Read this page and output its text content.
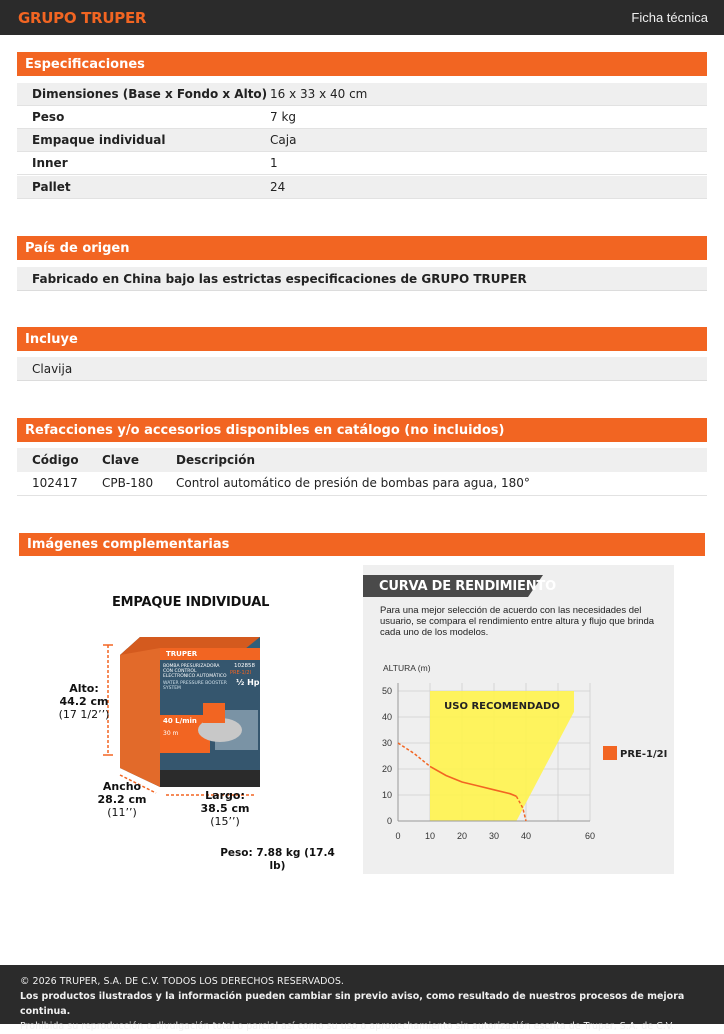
GRUPO TRUPER	Ficha técnica
Especificaciones
Dimensiones (Base x Fondo x Alto) 16 x 33 x 40 cm
Peso	7 kg
Empaque individual	Caja
Inner	1
Pallet	24
País de origen
Fabricado en China bajo las estrictas especificaciones de GRUPO TRUPER
Incluye
Clavija
Refacciones y/o accesorios disponibles en catálogo (no incluidos)
Código Clave	Descripción
102417 CPB-180 Control automático de presión de bombas para agua, 180°
Imágenes complementarias
EMPAQUE INDIVIDUAL
TRUPER
102858
PRE-1/2I
BOMBA PRESURIZADORA CON CONTROL ELECTRÓNICO AUTOMÁTICO
WATER PRESSURE BOOSTER SYSTEM
½ Hp
40 L/min
30 m
Alto:
44.2 cm
(17 1/2’’)
Ancho
28.2 cm
(11’’)
Largo:
38.5 cm
(15’’)
Peso: 7.88 kg (17.4 lb)
CURVA DE RENDIMIENTO
Para una mejor selección de acuerdo con las necesidades del usuario, se compara el rendimiento entre altura y flujo que brinda cada uno de los modelos.
USO RECOMENDADO
0
10
20
30
40
50
0	10 20 30 40	60
ALTURA (m)
PRE-1/2I
© 2026 TRUPER, S.A. DE C.V. TODOS LOS DERECHOS RESERVADOS.
Los productos ilustrados y la información pueden cambiar sin previo aviso, como resultado de nuestros procesos de mejora continua.
Prohibida su reproducción o divulgación total o parcial así como su uso o aprovechamiento sin autorización escrita de Truper, S.A. de C.V.
